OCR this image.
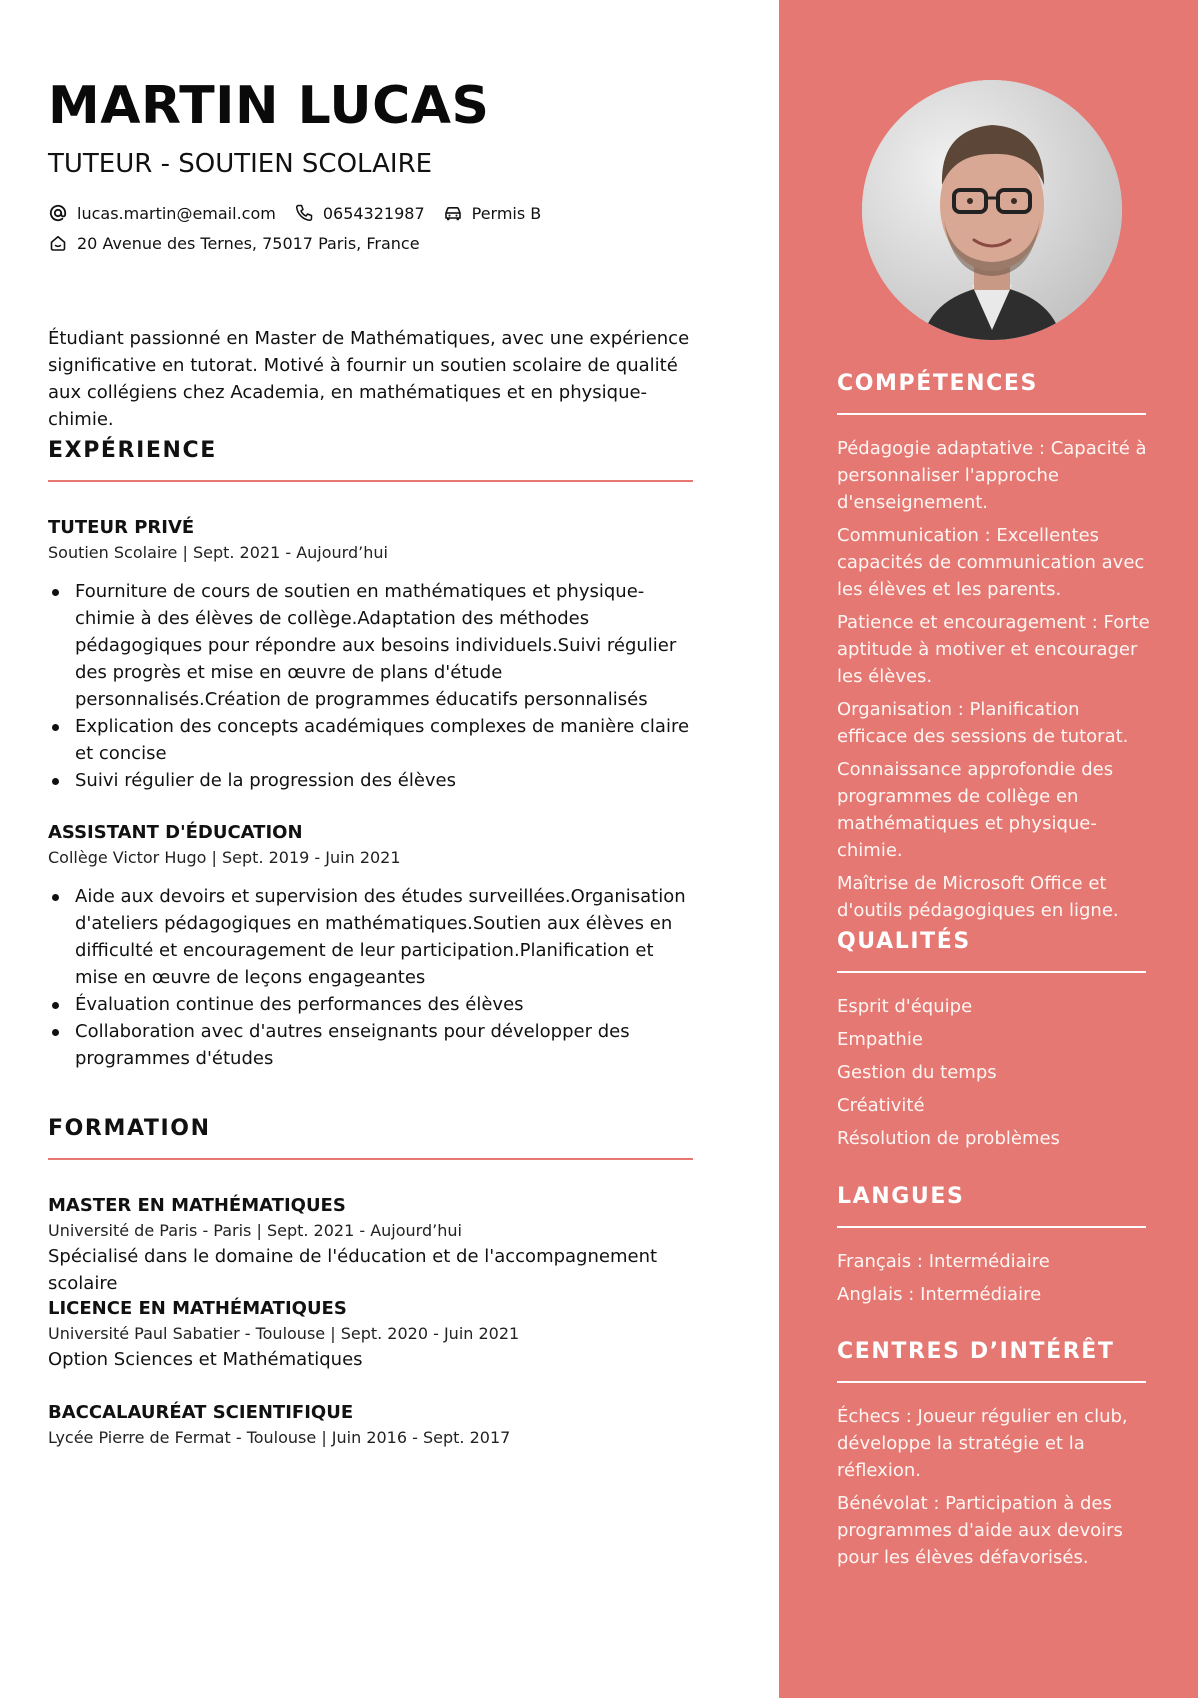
MARTIN LUCAS
TUTEUR - SOUTIEN SCOLAIRE
lucas.martin@email.com	0654321987	Permis B
20 Avenue des Ternes, 75017 Paris, France
Étudiant passionné en Master de Mathématiques, avec une expérience significative en tutorat. Motivé à fournir un soutien scolaire de qualité aux collégiens chez Academia, en mathématiques et en physique-chimie.
EXPÉRIENCE
TUTEUR PRIVÉ
Soutien Scolaire | Sept. 2021 - Aujourd’hui
Fourniture de cours de soutien en mathématiques et physique-chimie à des élèves de collège.Adaptation des méthodes pédagogiques pour répondre aux besoins individuels.Suivi régulier des progrès et mise en œuvre de plans d'étude personnalisés.Création de programmes éducatifs personnalisés
Explication des concepts académiques complexes de manière claire et concise
Suivi régulier de la progression des élèves
ASSISTANT D'ÉDUCATION
Collège Victor Hugo | Sept. 2019 - Juin 2021
Aide aux devoirs et supervision des études surveillées.Organisation d'ateliers pédagogiques en mathématiques.Soutien aux élèves en difficulté et encouragement de leur participation.Planification et mise en œuvre de leçons engageantes
Évaluation continue des performances des élèves
Collaboration avec d'autres enseignants pour développer des programmes d'études
FORMATION
MASTER EN MATHÉMATIQUES
Université de Paris - Paris | Sept. 2021 - Aujourd’hui
Spécialisé dans le domaine de l'éducation et de l'accompagnement scolaire
LICENCE EN MATHÉMATIQUES
Université Paul Sabatier - Toulouse | Sept. 2020 - Juin 2021
Option Sciences et Mathématiques
BACCALAURÉAT SCIENTIFIQUE
Lycée Pierre de Fermat - Toulouse | Juin 2016 - Sept. 2017
COMPÉTENCES
Pédagogie adaptative : Capacité à personnaliser l'approche d'enseignement.
Communication : Excellentes capacités de communication avec les élèves et les parents.
Patience et encouragement : Forte aptitude à motiver et encourager les élèves.
Organisation : Planification efficace des sessions de tutorat.
Connaissance approfondie des programmes de collège en mathématiques et physique-chimie.
Maîtrise de Microsoft Office et d'outils pédagogiques en ligne.
QUALITÉS
Esprit d'équipe
Empathie
Gestion du temps
Créativité
Résolution de problèmes
LANGUES
Français : Intermédiaire
Anglais : Intermédiaire
CENTRES D’INTÉRÊT
Échecs : Joueur régulier en club, développe la stratégie et la réflexion.
Bénévolat : Participation à des programmes d'aide aux devoirs pour les élèves défavorisés.
